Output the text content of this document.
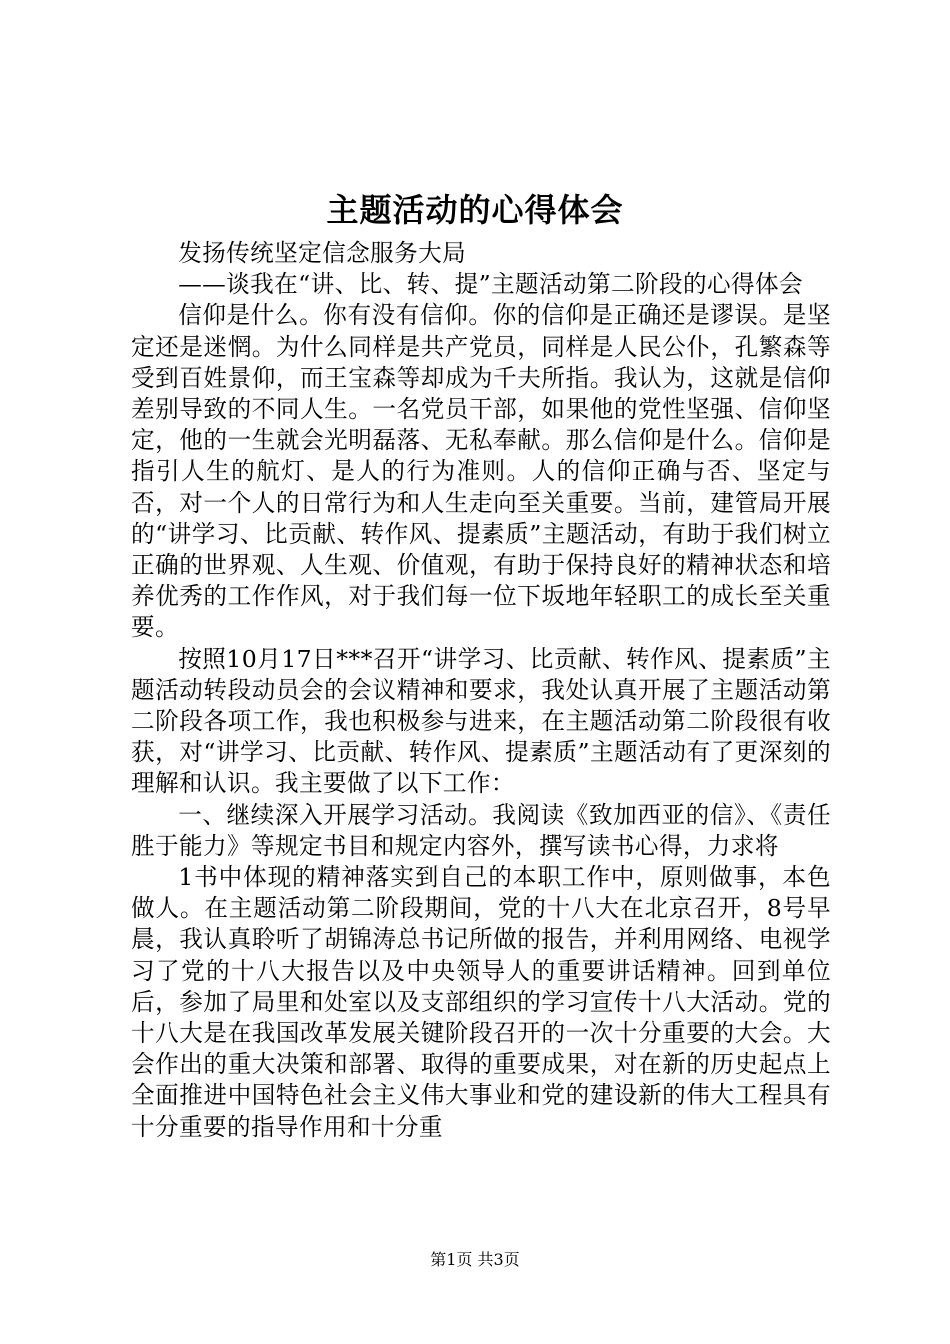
主题活动的心得体会

发扬传统坚定信念服务大局

——谈我在“讲、比、转、提”主题活动第二阶段的心得体会

信仰是什么。你有没有信仰。你的信仰是正确还是谬误。是坚定还是迷惘。为什么同样是共产党员，同样是人民公仆，孔繁森等受到百姓景仰，而王宝森等却成为千夫所指。我认为，这就是信仰差别导致的不同人生。一名党员干部，如果他的党性坚强、信仰坚定，他的一生就会光明磊落、无私奉献。那么信仰是什么。信仰是指引人生的航灯、是人的行为准则。人的信仰正确与否、坚定与否，对一个人的日常行为和人生走向至关重要。当前，建管局开展的“讲学习、比贡献、转作风、提素质”主题活动，有助于我们树立正确的世界观、人生观、价值观，有助于保持良好的精神状态和培养优秀的工作作风，对于我们每一位下坂地年轻职工的成长至关重要。

按照10月17日***召开“讲学习、比贡献、转作风、提素质”主题活动转段动员会的会议精神和要求，我处认真开展了主题活动第二阶段各项工作，我也积极参与进来，在主题活动第二阶段很有收获，对“讲学习、比贡献、转作风、提素质”主题活动有了更深刻的理解和认识。我主要做了以下工作：

一、继续深入开展学习活动。我阅读《致加西亚的信》、《责任胜于能力》等规定书目和规定内容外，撰写读书心得，力求将

1书中体现的精神落实到自己的本职工作中，原则做事，本色做人。在主题活动第二阶段期间，党的十八大在北京召开，8号早晨，我认真聆听了胡锦涛总书记所做的报告，并利用网络、电视学习了党的十八大报告以及中央领导人的重要讲话精神。回到单位后，参加了局里和处室以及支部组织的学习宣传十八大活动。党的十八大是在我国改革发展关键阶段召开的一次十分重要的大会。大会作出的重大决策和部署、取得的重要成果，对在新的历史起点上全面推进中国特色社会主义伟大事业和党的建设新的伟大工程具有十分重要的指导作用和十分重

第1页 共3页
